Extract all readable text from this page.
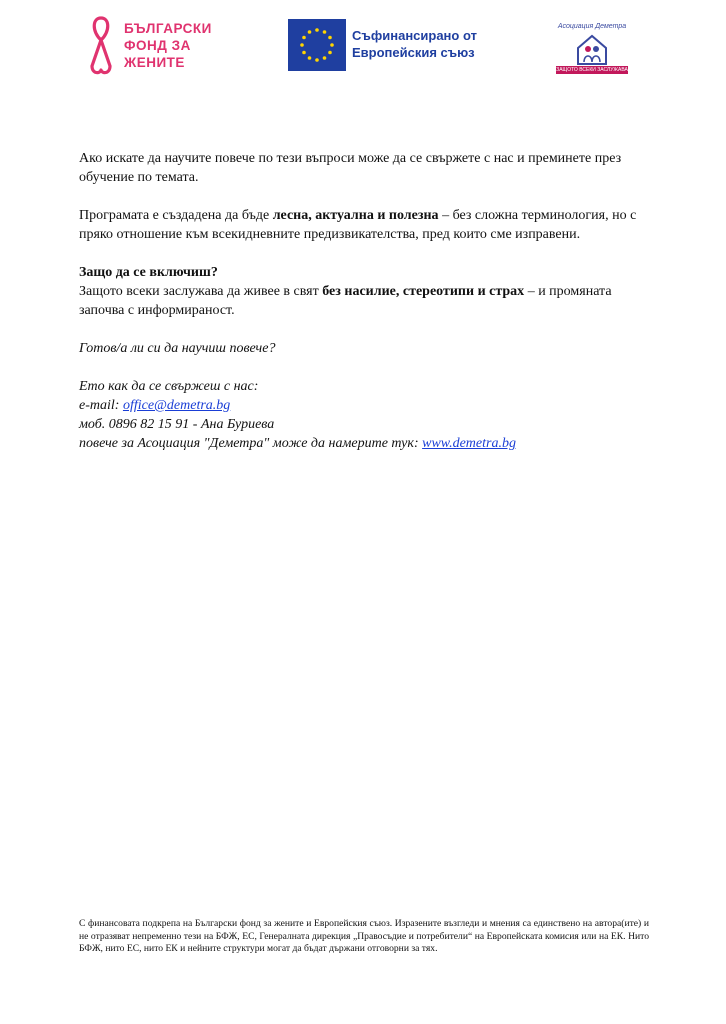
БЪЛГАРСКИ
ФОНД ЗА
ЖЕНИТЕ
Съфинансирано от
Европейския съюз
Асоциация Деметра
ЗАЩОТО ВСЕКИ ЗАСЛУЖАВА

Ако искате да научите повече по тези въпроси може да се свържете с нас и преминете през обучение по темата.

Програмата е създадена да бъде лесна, актуална и полезна – без сложна терминология, но с пряко отношение към всекидневните предизвикателства, пред които сме изправени.

Защо да се включиш?
Защото всеки заслужава да живее в свят без насилие, стереотипи и страх – и промяната започва с информираност.

Готов/а ли си да научиш повече?

Ето как да се свържеш с нас:
e-mail: office@demetra.bg
моб. 0896 82 15 91 - Ана Буриева
повече за Асоциация "Деметра" може да намерите тук: www.demetra.bg

С финансовата подкрепа на Български фонд за жените и Европейския съюз. Изразените възгледи и мнения са единствено на автора(ите) и не отразяват непременно тези на БФЖ, ЕС, Генералната дирекция „Правосъдие и потребители“ на Европейската комисия или на ЕК. Нито БФЖ, нито ЕС, нито ЕК и нейните структури могат да бъдат държани отговорни за тях.
